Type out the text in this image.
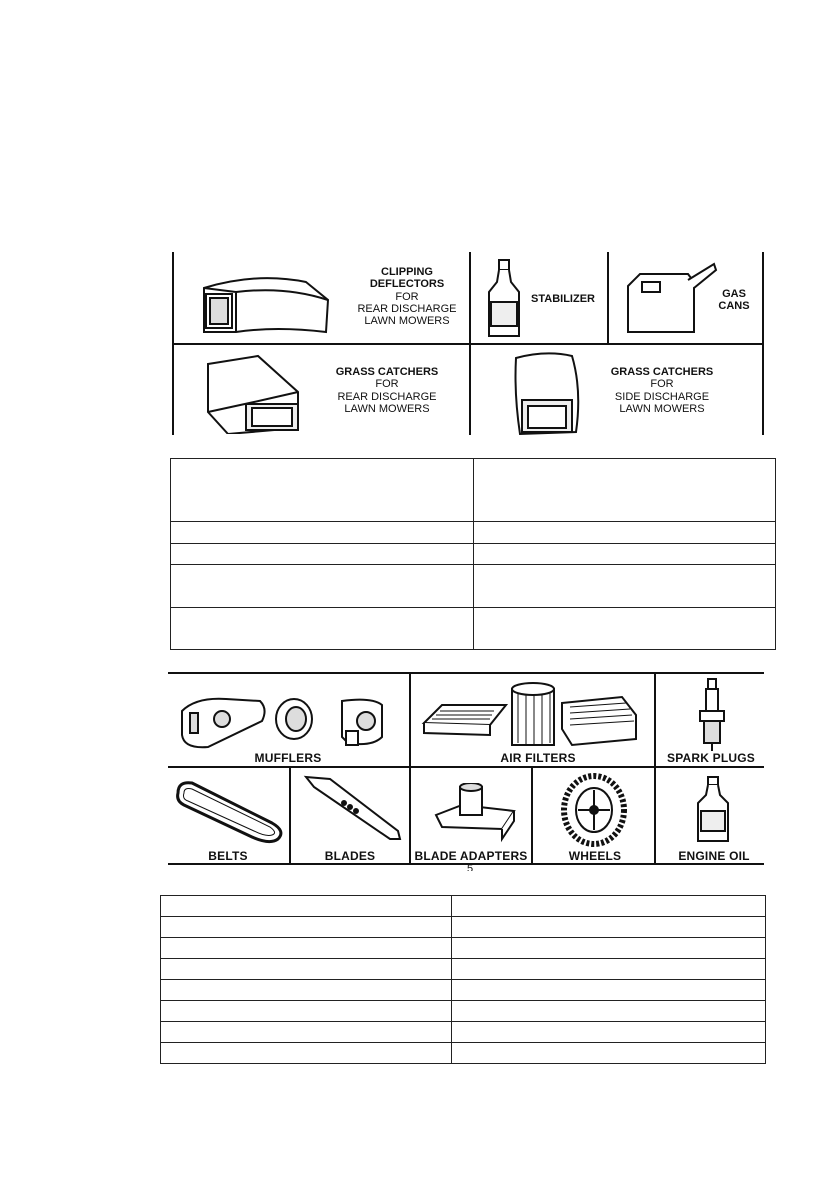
CLIPPING
DEFLECTORS
FOR
REAR DISCHARGE
LAWN MOWERS
STABILIZER	GAS
CANS
GRASS CATCHERS
FOR
REAR DISCHARGE
LAWN MOWERS
GRASS CATCHERS
FOR
SIDE DISCHARGE
LAWN MOWERS

MUFFLERS	AIR FILTERS	SPARK PLUGS
BELTS	BLADES	BLADE ADAPTERS	WHEELS	ENGINE OIL
5
